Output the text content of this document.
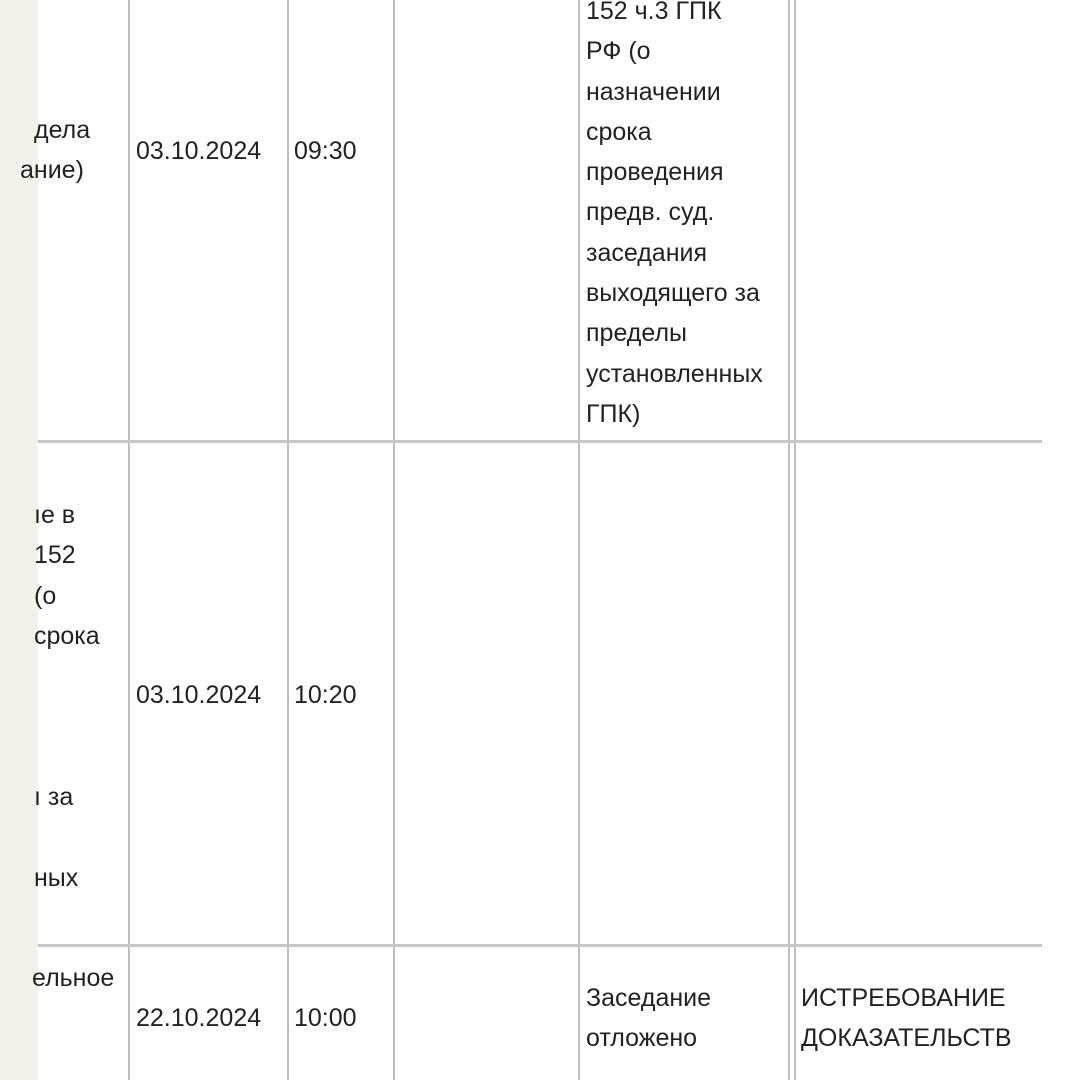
дела
ание)
03.10.2024 09:30
152 ч.3 ГПК
РФ (о
назначении
срока
проведения
предв. суд.
заседания
выходящего за
пределы
установленных
ГПК)
ıе в
152
(о
срока
ı за
ных
03.10.2024 10:20
ельное
22.10.2024 10:00
Заседание
отложено
ИСТРЕБОВАНИЕ
ДОКАЗАТЕЛЬСТВ
